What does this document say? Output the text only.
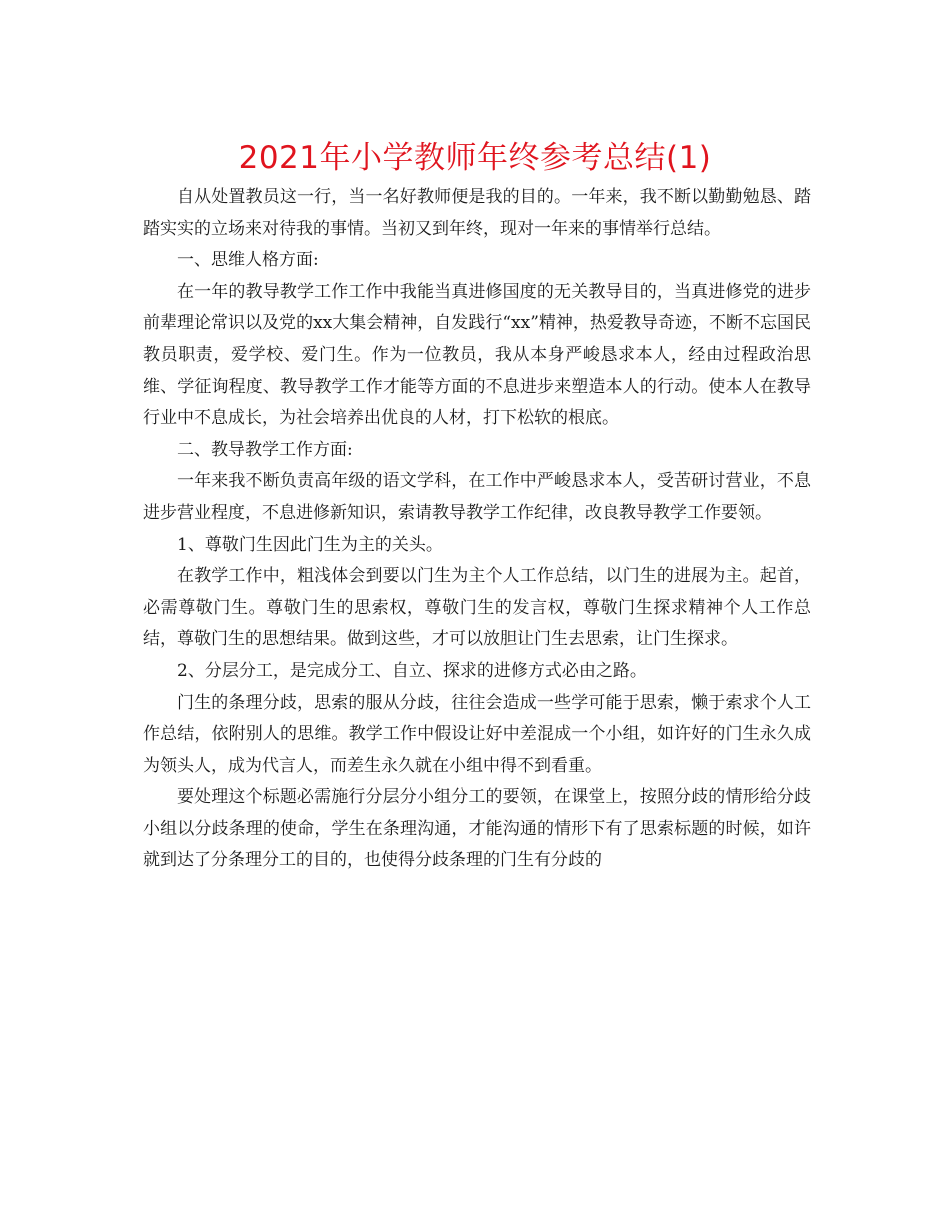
2021年小学教师年终参考总结(1)

自从处置教员这一行，当一名好教师便是我的目的。一年来，我不断以勤勤勉恳、踏踏实实的立场来对待我的事情。当初又到年终，现对一年来的事情举行总结。

一、思维人格方面:

在一年的教导教学工作工作中我能当真进修国度的无关教导目的，当真进修党的进步前辈理论常识以及党的xx大集会精神，自发践行“xx”精神，热爱教导奇迹，不断不忘国民教员职责，爱学校、爱门生。作为一位教员，我从本身严峻恳求本人，经由过程政治思维、学征询程度、教导教学工作才能等方面的不息进步来塑造本人的行动。使本人在教导行业中不息成长，为社会培养出优良的人材，打下松软的根底。

二、教导教学工作方面:

一年来我不断负责高年级的语文学科，在工作中严峻恳求本人，受苦研讨营业，不息进步营业程度，不息进修新知识，索请教导教学工作纪律，改良教导教学工作要领。

1、尊敬门生因此门生为主的关头。

在教学工作中，粗浅体会到要以门生为主个人工作总结，以门生的进展为主。起首，必需尊敬门生。尊敬门生的思索权，尊敬门生的发言权，尊敬门生探求精神个人工作总结，尊敬门生的思想结果。做到这些，才可以放胆让门生去思索，让门生探求。

2、分层分工，是完成分工、自立、探求的进修方式必由之路。

门生的条理分歧，思索的服从分歧，往往会造成一些学可能于思索，懒于索求个人工作总结，依附别人的思维。教学工作中假设让好中差混成一个小组，如许好的门生永久成为领头人，成为代言人，而差生永久就在小组中得不到看重。

要处理这个标题必需施行分层分小组分工的要领，在课堂上，按照分歧的情形给分歧小组以分歧条理的使命，学生在条理沟通，才能沟通的情形下有了思索标题的时候，如许就到达了分条理分工的目的，也使得分歧条理的门生有分歧的
